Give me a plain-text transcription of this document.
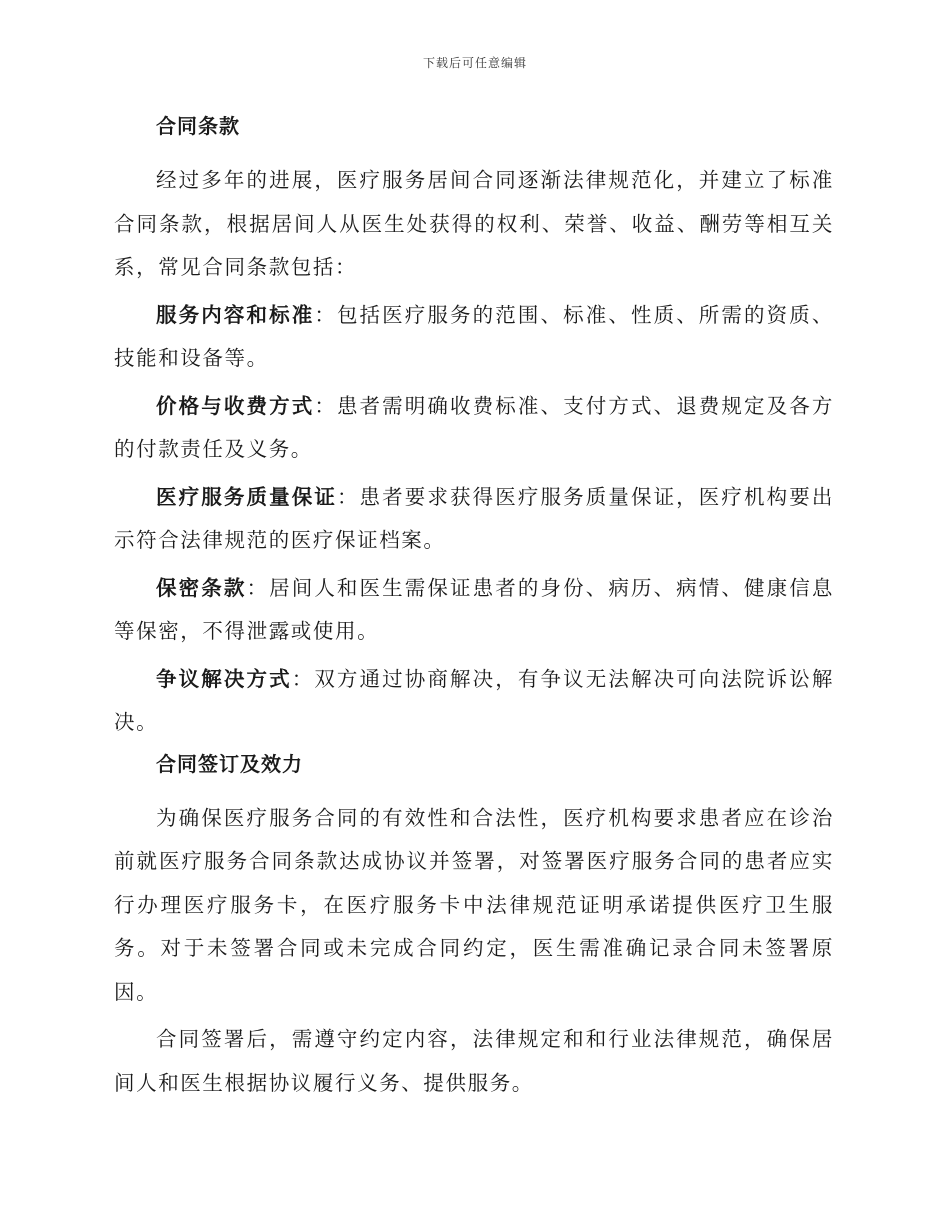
下载后可任意编辑
合同条款

经过多年的进展，医疗服务居间合同逐渐法律规范化，并建立了标准合同条款，根据居间人从医生处获得的权利、荣誉、收益、酬劳等相互关系，常见合同条款包括：

服务内容和标准：包括医疗服务的范围、标准、性质、所需的资质、技能和设备等。

价格与收费方式：患者需明确收费标准、支付方式、退费规定及各方的付款责任及义务。

医疗服务质量保证：患者要求获得医疗服务质量保证，医疗机构要出示符合法律规范的医疗保证档案。

保密条款：居间人和医生需保证患者的身份、病历、病情、健康信息等保密，不得泄露或使用。

争议解决方式：双方通过协商解决，有争议无法解决可向法院诉讼解决。

合同签订及效力

为确保医疗服务合同的有效性和合法性，医疗机构要求患者应在诊治前就医疗服务合同条款达成协议并签署，对签署医疗服务合同的患者应实行办理医疗服务卡，在医疗服务卡中法律规范证明承诺提供医疗卫生服务。对于未签署合同或未完成合同约定，医生需准确记录合同未签署原因。

合同签署后，需遵守约定内容，法律规定和和行业法律规范，确保居间人和医生根据协议履行义务、提供服务。
